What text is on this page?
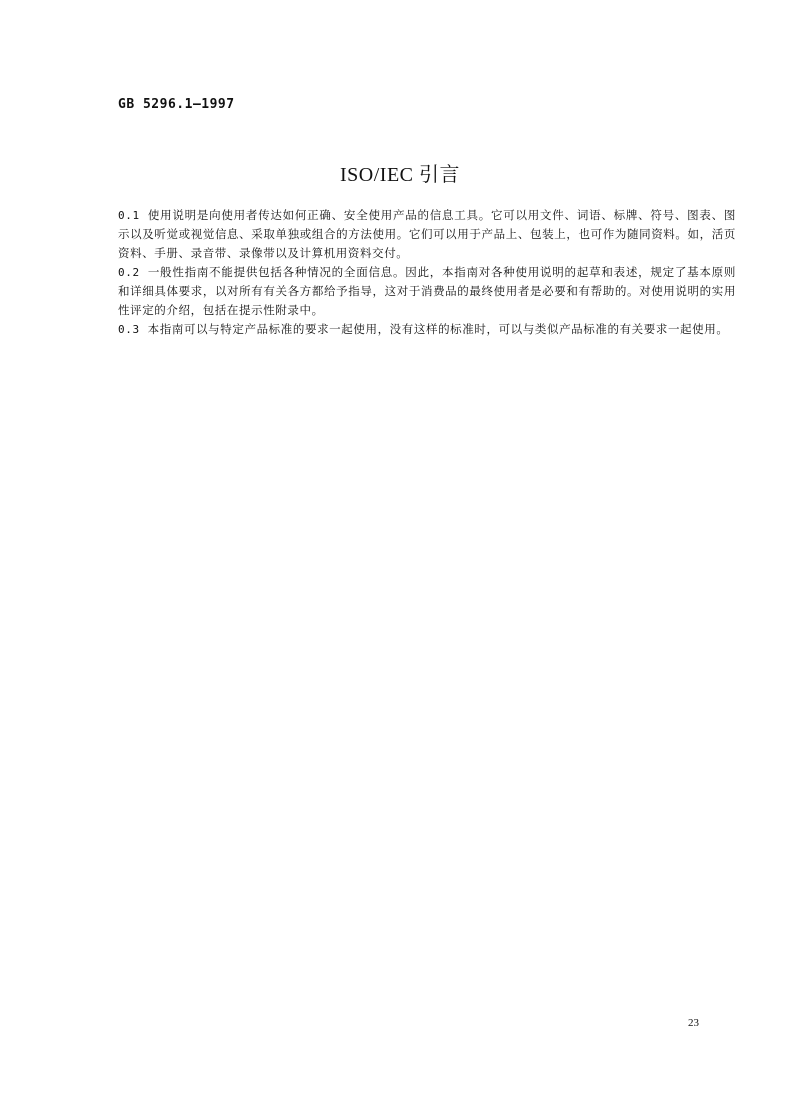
GB 5296.1—1997
ISO/IEC 引言

0.1 使用说明是向使用者传达如何正确、安全使用产品的信息工具。它可以用文件、词语、标牌、符号、图表、图示以及听觉或视觉信息、采取单独或组合的方法使用。它们可以用于产品上、包装上，也可作为随同资料。如，活页资料、手册、录音带、录像带以及计算机用资料交付。

0.2 一般性指南不能提供包括各种情况的全面信息。因此，本指南对各种使用说明的起草和表述，规定了基本原则和详细具体要求，以对所有有关各方都给予指导，这对于消费品的最终使用者是必要和有帮助的。对使用说明的实用性评定的介绍，包括在提示性附录中。

0.3 本指南可以与特定产品标准的要求一起使用，没有这样的标准时，可以与类似产品标准的有关要求一起使用。

23
